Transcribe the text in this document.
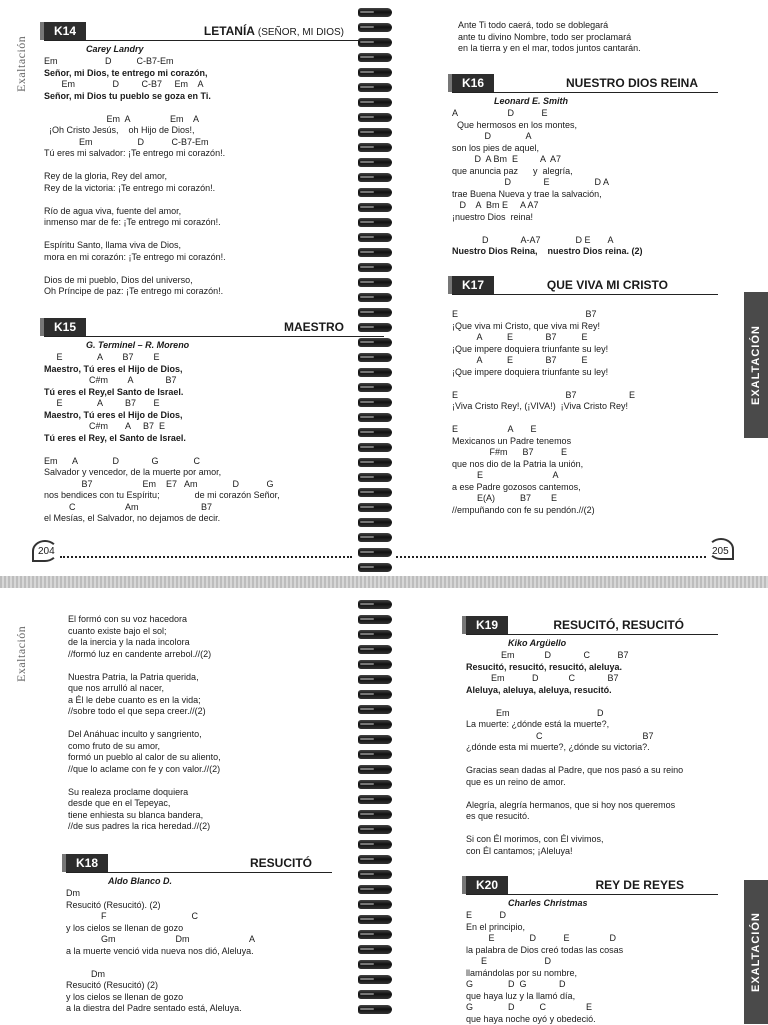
Exaltación
Exaltación
EXALTACIÓN
EXALTACIÓN
K14	LETANÍA (SEÑOR, MI DIOS)
Carey Landry
Em                   D          C-B7-Em
Señor, mi Dios, te entrego mi corazón,
Em               D         C-B7     Em    A
Señor, mi Dios tu pueblo se goza en Ti.

Em  A                Em    A
¡Oh Cristo Jesús,    oh Hijo de Dios!,
Em                  D           C-B7-Em
Tú eres mi salvador: ¡Te entrego mi corazón!.

Rey de la gloria, Rey del amor,
Rey de la victoria: ¡Te entrego mi corazón!.

Río de agua viva, fuente del amor,
inmenso mar de fe: ¡Te entrego mi corazón!.

Espíritu Santo, llama viva de Dios,
mora en mi corazón: ¡Te entrego mi corazón!.

Dios de mi pueblo, Dios del universo,
Oh Príncipe de paz: ¡Te entrego mi corazón!.
K15	MAESTRO
G. Terminel – R. Moreno
E              A        B7        E
Maestro, Tú eres el Hijo de Dios,
C#m        A             B7
Tú eres el Rey,el Santo de Israel.
E              A         B7       E
Maestro, Tú eres el Hijo de Dios,
C#m       A     B7  E
Tú eres el Rey, el Santo de Israel.

Em      A              D             G              C
Salvador y vencedor, de la muerte por amor,
B7                    Em    E7   Am              D           G
nos bendices con tu Espíritu;              de mi corazón Señor,
C                    Am                         B7
el Mesías, el Salvador, no dejamos de decir.
204	205
Ante Ti todo caerá, todo se doblegará
ante tu divino Nombre, todo ser proclamará
en la tierra y en el mar, todos juntos cantarán.
K16	NUESTRO DIOS REINA
Leonard E. Smith
A                    D           E
Que hermosos en los montes,
D              A
son los pies de aquel,
D  A Bm  E         A  A7
que anuncia paz      y  alegría,
D             E                  D A
trae Buena Nueva y trae la salvación,
D    A  Bm E     A A7
¡nuestro Dios  reina!

D             A-A7              D E       A
Nuestro Dios Reina,    nuestro Dios reina. (2)
K17	QUE VIVA MI CRISTO
E                                                   B7
¡Que viva mi Cristo, que viva mi Rey!
A          E             B7          E
¡Que impere doquiera triunfante su ley!
A          E             B7          E
¡Que impere doquiera triunfante su ley!

E                                           B7                     E
¡Viva Cristo Rey!, (¡VIVA!)  ¡Viva Cristo Rey!

E                    A       E
Mexicanos un Padre tenemos
F#m      B7           E
que nos dio de la Patria la unión,
E                            A
a ese Padre gozosos cantemos,
E(A)          B7        E
//empuñando con fe su pendón.//(2)
El formó con su voz hacedora
cuanto existe bajo el sol;
de la inercia y la nada incolora
//formó luz en candente arrebol.//(2)

Nuestra Patria, la Patria querida,
que nos arrulló al nacer,
a Él le debe cuanto es en la vida;
//sobre todo el que sepa creer.//(2)

Del Anáhuac inculto y sangriento,
como fruto de su amor,
formó un pueblo al calor de su aliento,
//que lo aclame con fe y con valor.//(2)

Su realeza proclame doquiera
desde que en el Tepeyac,
tiene enhiesta su blanca bandera,
//de sus padres la rica heredad.//(2)
K18	RESUCITÓ
Aldo Blanco D.
Dm
Resucitó (Resucitó). (2)
F                                  C
y los cielos se llenan de gozo
Gm                        Dm                        A
a la muerte venció vida nueva nos dió, Aleluya.

Dm
Resucitó (Resucitó) (2)
y los cielos se llenan de gozo
a la diestra del Padre sentado está, Aleluya.
K19	RESUCITÓ, RESUCITÓ
Kiko Argüello
Em            D             C           B7
Resucitó, resucitó, resucitó, aleluya.
Em           D            C             B7
Aleluya, aleluya, aleluya, resucitó.

Em                                   D
La muerte: ¿dónde está la muerte?,
C                                        B7
¿dónde esta mi muerte?, ¿dónde su victoria?.

Gracias sean dadas al Padre, que nos pasó a su reino
que es un reino de amor.

Alegría, alegría hermanos, que si hoy nos queremos
es que resucitó.

Si con Él morimos, con Él vivimos,
con Él cantamos; ¡Aleluya!
K20	REY DE REYES
Charles Christmas
E           D
En el principio,
E              D           E                D
la palabra de Dios creó todas las cosas
E                       D
llamándolas por su nombre,
G              D  G             D
que haya luz y la llamó día,
G              D          C                E
que haya noche oyó y obedeció.
